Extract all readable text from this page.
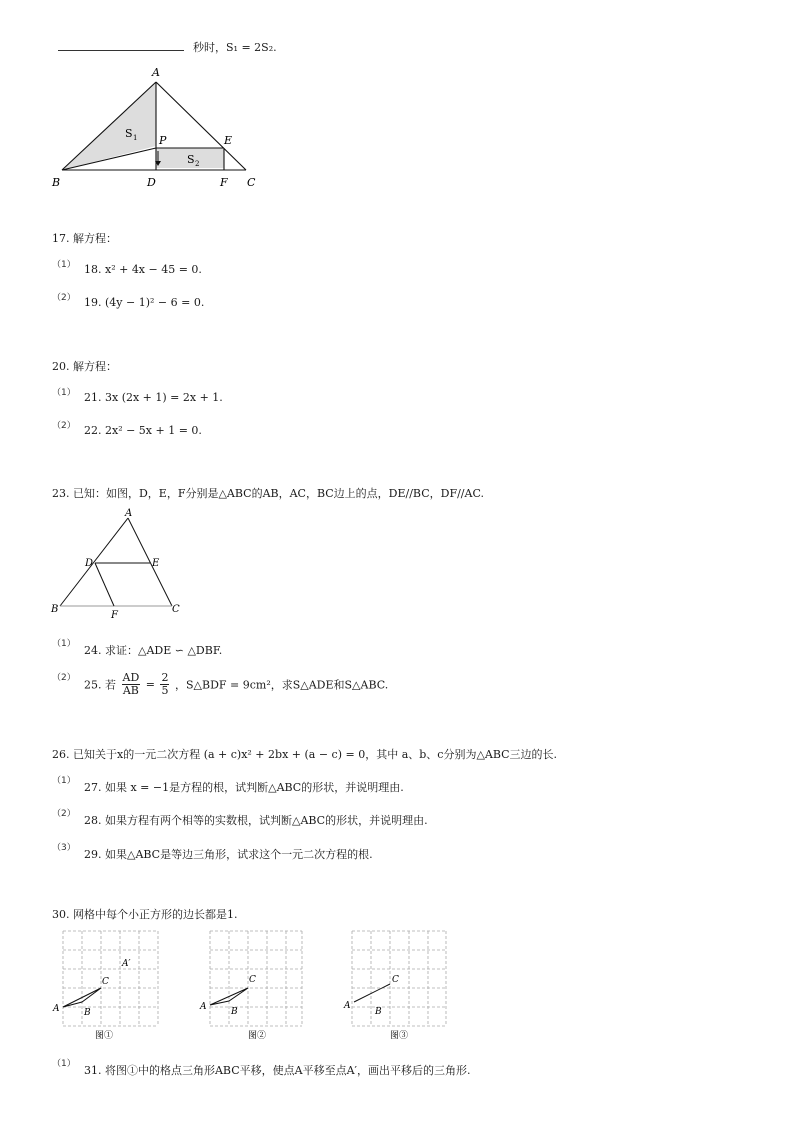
秒时，S₁ = 2S₂.
A
B	D	F C
E
P
S 1
S 2
17. 解方程：
（1） 18. x² + 4x − 45 = 0.
（2） 19. (4y − 1)² − 6 = 0.
20. 解方程：
（1） 21. 3x (2x + 1) = 2x + 1.
（2） 22. 2x² − 5x + 1 = 0.
23. 已知：如图，D，E，F分别是△ABC的AB，AC，BC边上的点，DE//BC，DF//AC.
A
D	E
B
F
C
（1） 24. 求证：△ADE ∽ △DBF.
（2）
25. 若 $\frac{AD}{AB} = \frac{2}{5}$ ，S△BDF = 9cm²，求S△ADE和S△ABC.
26. 已知关于x的一元二次方程 (a + c)x² + 2bx + (a − c) = 0，其中 a、b、c分别为△ABC三边的长.
（1） 27. 如果 x = −1是方程的根，试判断△ABC的形状，并说明理由.
（2） 28. 如果方程有两个相等的实数根，试判断△ABC的形状，并说明理由.
（3） 29. 如果△ABC是等边三角形，试求这个一元二次方程的根.
30. 网格中每个小正方形的边长都是1.
A	B
C
A′
图①
A	B
C
图②
A
B
C
图③
（1） 31. 将图①中的格点三角形ABC平移，使点A平移至点A′，画出平移后的三角形.
